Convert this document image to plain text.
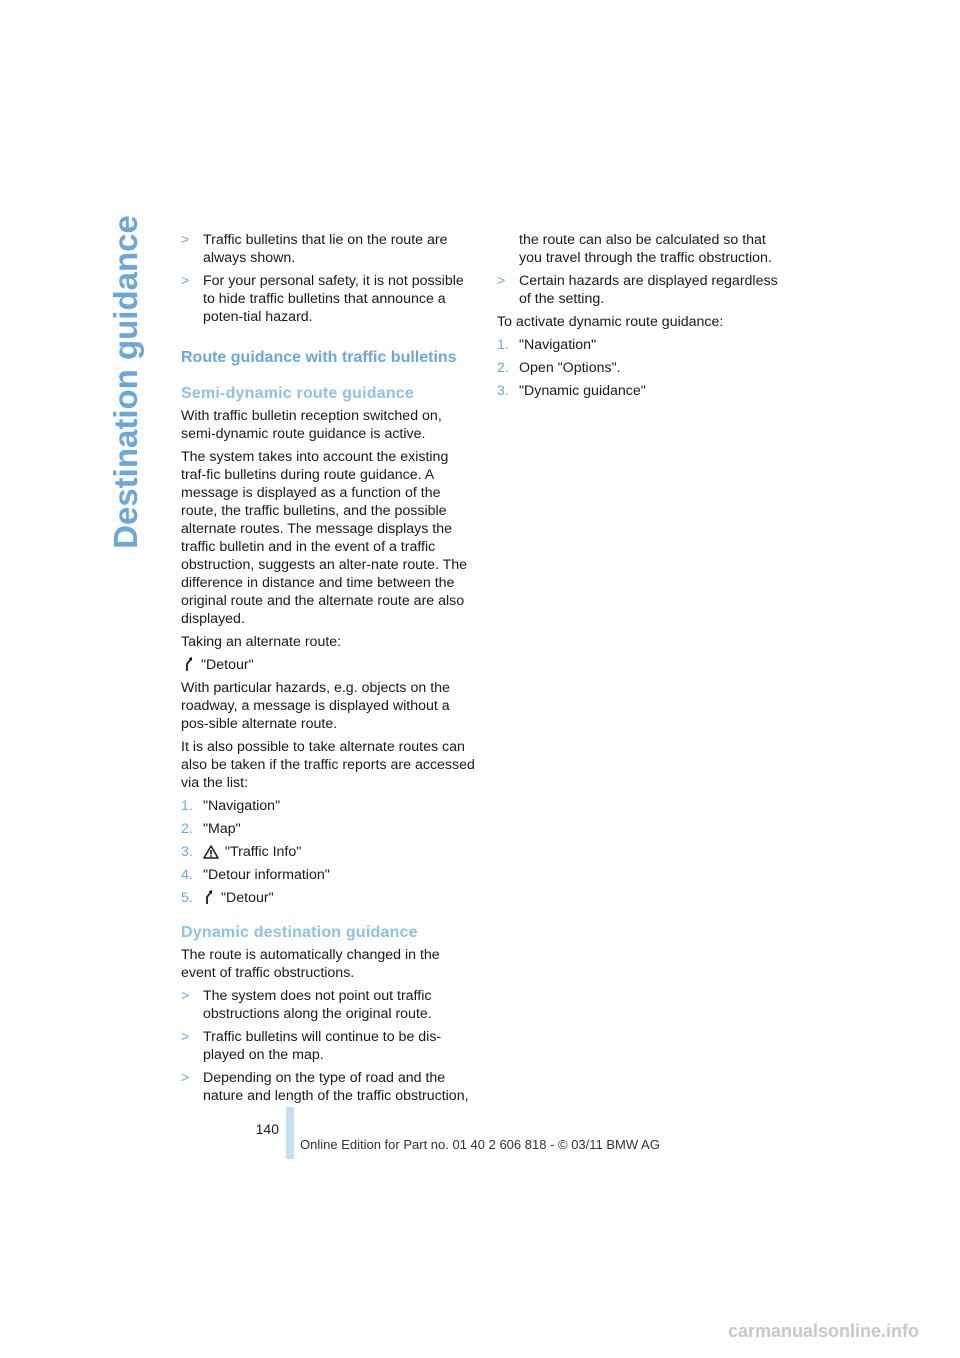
Destination guidance	> Traffic bulletins that lie on the route are always shown.
> For your personal safety, it is not possible to hide traffic bulletins that announce a poten-tial hazard.
Route guidance with traffic bulletins
Semi-dynamic route guidance

With traffic bulletin reception switched on, semi-dynamic route guidance is active.

The system takes into account the existing traf-fic bulletins during route guidance. A message is displayed as a function of the route, the traffic bulletins, and the possible alternate routes. The message displays the traffic bulletin and in the event of a traffic obstruction, suggests an alter-nate route. The difference in distance and time between the original route and the alternate route are also displayed.

Taking an alternate route:

"Detour"

With particular hazards, e.g. objects on the roadway, a message is displayed without a pos-sible alternate route.

It is also possible to take alternate routes can also be taken if the traffic reports are accessed via the list:

1. "Navigation"
2. "Map"
3. "Traffic Info"
4. "Detour information"
5. "Detour"
Dynamic destination guidance

The route is automatically changed in the event of traffic obstructions.

> The system does not point out traffic obstructions along the original route.
> Traffic bulletins will continue to be dis-played on the map.
> Depending on the type of road and the nature and length of the traffic obstruction,
the route can also be calculated so that you travel through the traffic obstruction.
> Certain hazards are displayed regardless of the setting.

To activate dynamic route guidance:

1. "Navigation"
2. Open "Options".
3. "Dynamic guidance"
140
Online Edition for Part no. 01 40 2 606 818 - © 03/11 BMW AG
carmanualsonline.info
